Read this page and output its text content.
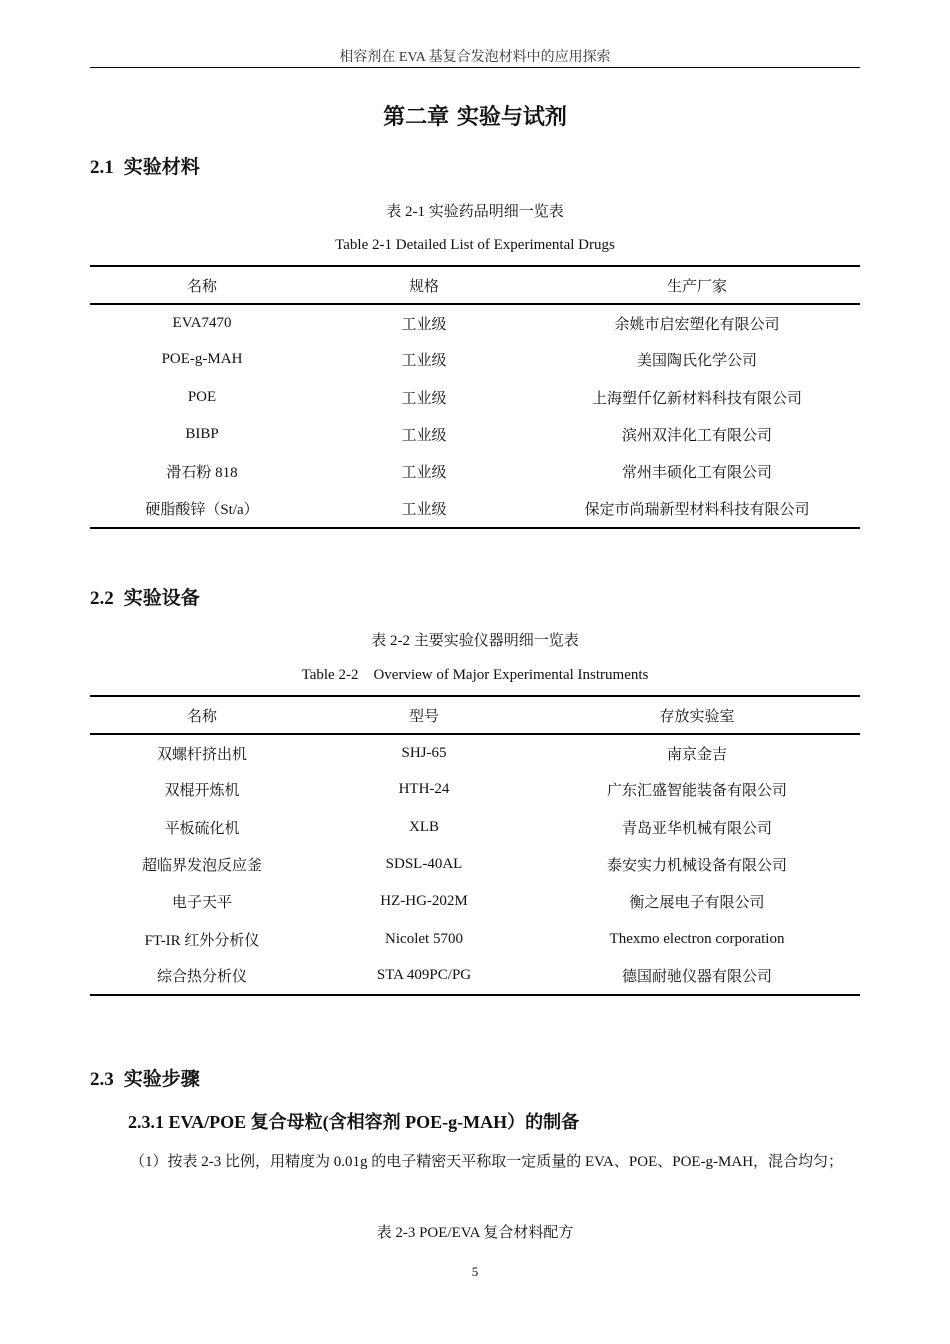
相容剂在 EVA 基复合发泡材料中的应用探索
第二章 实验与试剂
2.1 实验材料
表 2-1 实验药品明细一览表
Table 2-1 Detailed List of Experimental Drugs
名称	规格	生产厂家
EVA7470	工业级	余姚市启宏塑化有限公司
POE-g-MAH	工业级	美国陶氏化学公司
POE	工业级	上海塑仟亿新材料科技有限公司
BIBP	工业级	滨州双沣化工有限公司
滑石粉 818	工业级	常州丰硕化工有限公司
硬脂酸锌（St/a）	工业级	保定市尚瑞新型材料科技有限公司
2.2 实验设备
表 2-2 主要实验仪器明细一览表
Table 2-2    Overview of Major Experimental Instruments
名称	型号	存放实验室
双螺杆挤出机	SHJ-65	南京金吉
双棍开炼机	HTH-24	广东汇盛智能装备有限公司
平板硫化机	XLB	青岛亚华机械有限公司
超临界发泡反应釜	SDSL-40AL	泰安实力机械设备有限公司
电子天平	HZ-HG-202M	衡之展电子有限公司
FT-IR 红外分析仪	Nicolet 5700	Thexmo electron corporation
综合热分析仪	STA 409PC/PG	德国耐驰仪器有限公司
2.3 实验步骤
2.3.1 EVA/POE 复合母粒(含相容剂 POE-g-MAH）的制备
（1）按表 2-3 比例，用精度为 0.01g 的电子精密天平称取一定质量的 EVA、POE、POE-g-MAH，混合均匀；
表 2-3 POE/EVA 复合材料配方
5
